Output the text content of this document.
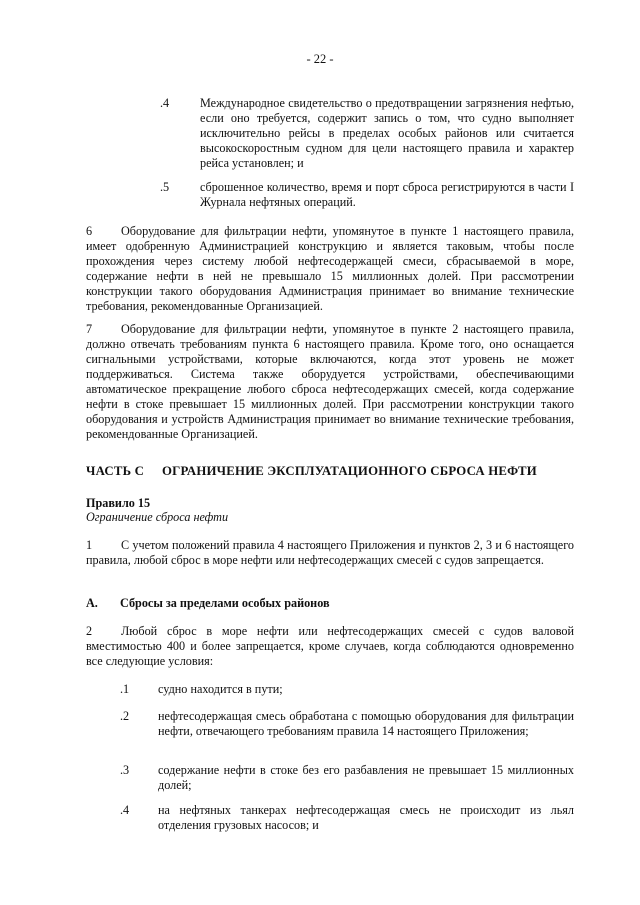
- 22 -
.4	Международное свидетельство о предотвращении загрязнения нефтью, если оно требуется, содержит запись о том, что судно выполняет исключительно рейсы в пределах особых районов или считается высокоскоростным судном для цели настоящего правила и характер рейса установлен; и
.5	сброшенное количество, время и порт сброса регистрируются в части I Журнала нефтяных операций.
6	Оборудование для фильтрации нефти, упомянутое в пункте 1 настоящего правила, имеет одобренную Администрацией конструкцию и является таковым, чтобы после прохождения через систему любой нефтесодержащей смеси, сбрасываемой в море, содержание нефти в ней не превышало 15 миллионных долей. При рассмотрении конструкции такого оборудования Администрация принимает во внимание технические требования, рекомендованные Организацией.
7	Оборудование для фильтрации нефти, упомянутое в пункте 2 настоящего правила, должно отвечать требованиям пункта 6 настоящего правила. Кроме того, оно оснащается сигнальными устройствами, которые включаются, когда этот уровень не может поддерживаться. Система также оборудуется устройствами, обеспечивающими автоматическое прекращение любого сброса нефтесодержащих смесей, когда содержание нефти в стоке превышает 15 миллионных долей. При рассмотрении конструкции такого оборудования и устройств Администрация принимает во внимание технические требования, рекомендованные Организацией.
ЧАСТЬ C ОГРАНИЧЕНИЕ ЭКСПЛУАТАЦИОННОГО СБРОСА НЕФТИ
Правило 15
Ограничение сброса нефти
1	С учетом положений правила 4 настоящего Приложения и пунктов 2, 3 и 6 настоящего правила, любой сброс в море нефти или нефтесодержащих смесей с судов запрещается.
A. Сбросы за пределами особых районов
2	Любой сброс в море нефти или нефтесодержащих смесей с судов валовой вместимостью 400 и более запрещается, кроме случаев, когда соблюдаются одновременно все следующие условия:
.1 судно находится в пути;
.2 нефтесодержащая смесь обработана с помощью оборудования для фильтрации нефти, отвечающего требованиям правила 14 настоящего Приложения;
.3 содержание нефти в стоке без его разбавления не превышает 15 миллионных долей;
.4 на нефтяных танкерах нефтесодержащая смесь не происходит из льял отделения грузовых насосов; и
